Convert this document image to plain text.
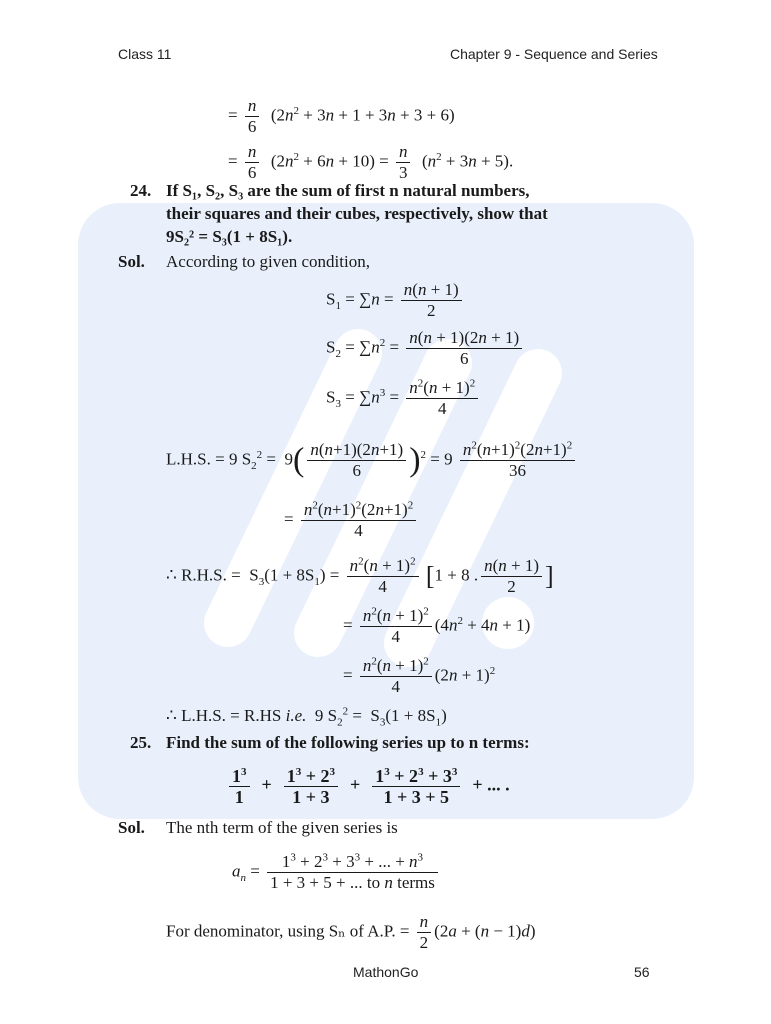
Class 11	Chapter 9 - Sequence and Series
= $\frac{n}{6} (2n^2 + 3n + 1 + 3n + 3 + 6)$
= $\frac{n}{6} (2n^2 + 6n + 10) = \frac{n}{3} (n^2 + 3n + 5)$.
24. If S₁, S₂, S₃ are the sum of first n natural numbers,
their squares and their cubes, respectively, show that
9S₂² = S₃(1 + 8S₁).
Sol. According to given condition,
$S_1 = \sum n = \frac{n(n + 1)}{2}$
$S_2 = \sum n^2 = \frac{n(n + 1)(2n + 1)}{6}$
$S_3 = \sum n^3 = \frac{n^2(n + 1)^2}{4}$
L.H.S. = 9 $S_2^2 = 9( \frac{n(n+1)(2n+1)}{6} )^2 = 9 \frac{n^2(n+1)^2(2n+1)^2}{36}$
= $\frac{n^2(n+1)^2(2n+1)^2}{4}$
∴ R.H.S. =  $S_3(1 + 8S_1) = \frac{n^2(n + 1)^2}{4} [1 + 8$ . $\frac{n(n + 1)}{2}$ ]
= $\frac{n^2(n + 1)^2}{4} (4n^2 + 4n + 1)$
= $\frac{n^2(n + 1)^2}{4} (2n + 1)^2$
∴ L.H.S. = R.HS i.e.  9 $S_2^2 = S_3(1 + 8S_1)$
25. Find the sum of the following series up to n terms:
$\frac{1^3}{1} + \frac{1^3 + 2^3}{1 + 3} + \frac{1^3 + 2^3 + 3^3}{1 + 3 + 5}$ + ... .
Sol. The nth term of the given series is
$a_n = \frac{1^3 + 2^3 + 3^3 + ... + n^3}{\text{1 + 3 + 5 + ... to n terms}}$
For denominator, using Sₙ of A.P. = $\frac{n}{2} (2a + (n - 1)d)$
MathonGo	56
